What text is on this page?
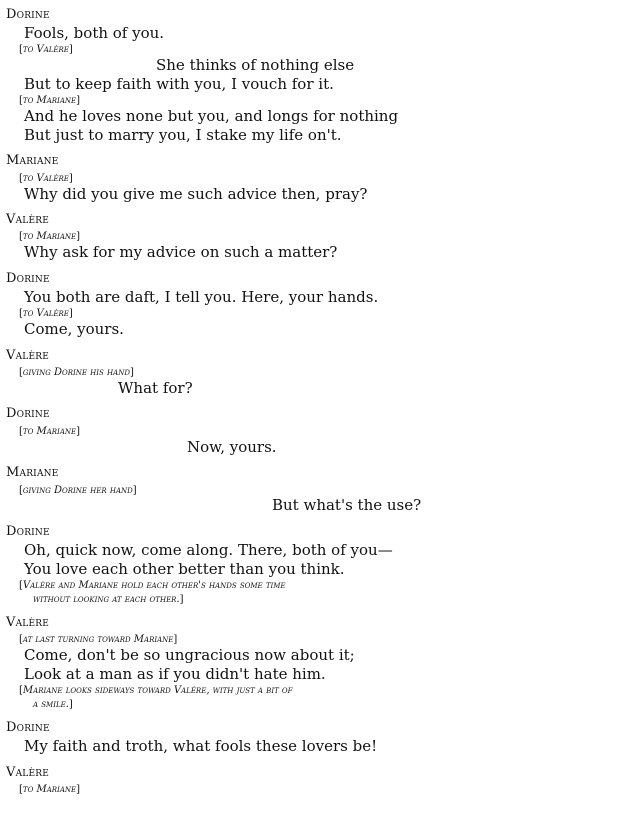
Dorine
Fools, both of you.
[to Valère]
She thinks of nothing else
But to keep faith with you, I vouch for it.
[to Mariane]
And he loves none but you, and longs for nothing
But just to marry you, I stake my life on't.
Mariane
[to Valère]
Why did you give me such advice then, pray?
Valère
[to Mariane]
Why ask for my advice on such a matter?
Dorine
You both are daft, I tell you. Here, your hands.
[to Valère]
Come, yours.
Valère
[giving Dorine his hand]
What for?
Dorine
[to Mariane]
Now, yours.
Mariane
[giving Dorine her hand]
But what's the use?
Dorine
Oh, quick now, come along. There, both of you—
You love each other better than you think.
[Valère and Mariane hold each other's hands some time
without looking at each other.]
Valère
[at last turning toward Mariane]
Come, don't be so ungracious now about it;
Look at a man as if you didn't hate him.
[Mariane looks sideways toward Valère, with just a bit of
a smile.]
Dorine
My faith and troth, what fools these lovers be!
Valère
[to Mariane]
